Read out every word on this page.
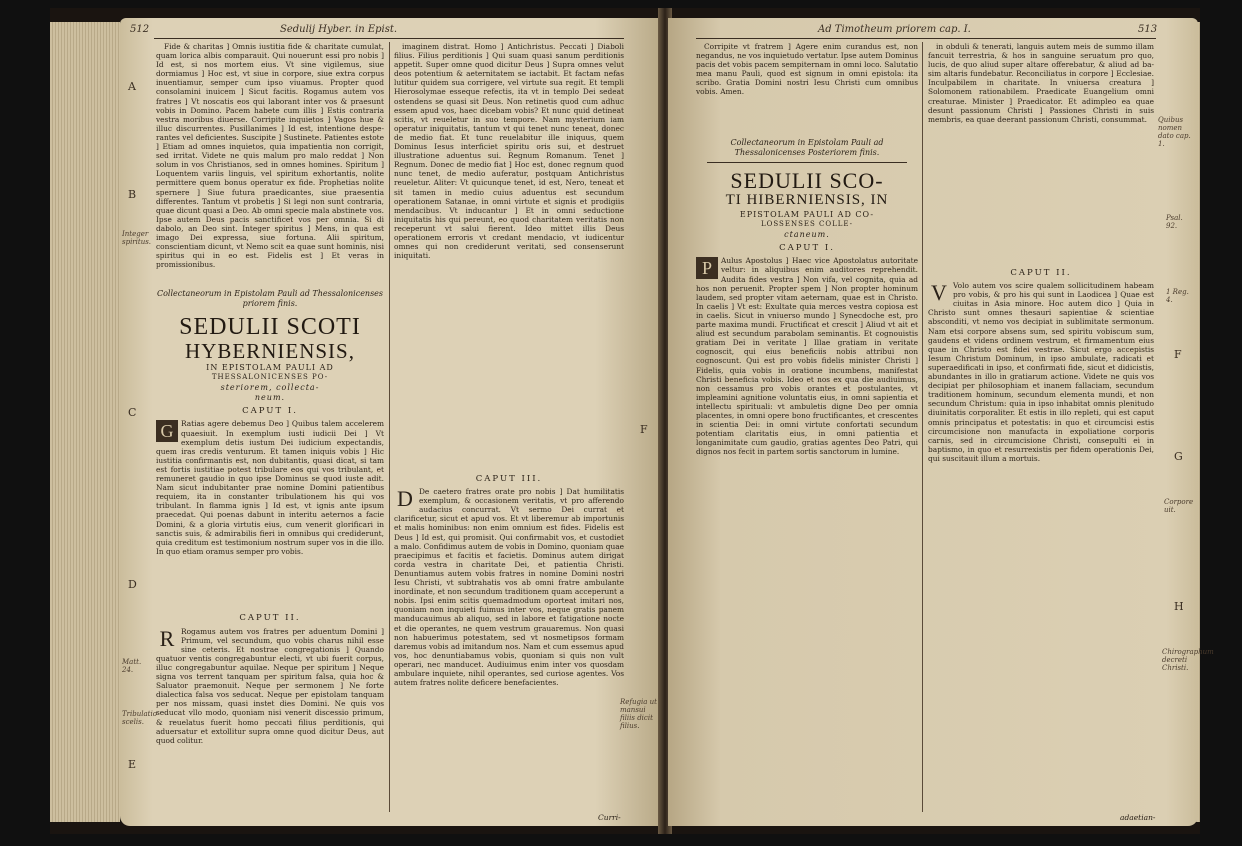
512	Sedulij Hyber. in Epist.
A
B
C
D
E
F
Integer spiritus.
Matt. 24.
Tribulatio scelis.
Refugia ut mansui filiis dicit filius.

Fide & charitas ] Omnis iustitia fide & charitate cumulat, quam lorica albis comparauit. Qui nouerunt essi pro nobis ] Id est, si nos mortem eius. Vt sine vigilemus, siue dormiamus ] Hoc est, vt siue in corpore, siue extra corpus inuentiamur, semper cum ipso viuamus. Propter quod consolamini inuicem ] Sicut facitis. Rogamus autem vos fratres ] Vt noscatis eos qui laborant inter vos & praesunt vobis in Domino. Pacem habete cum illis ] Estis contraria vestra moribus diuerse. Corripite inquietos ] Vagos hue & illuc discurrentes. Pusillanimes ] Id est, intentione despe-rantes vel deficientes. Suscipite ] Sustinete. Patientes estote ] Etiam ad omnes inquietos, quia impatientia non corrigit, sed irritat. Videte ne quis malum pro malo reddat ] Non solum in vos Christianos, sed in omnes homines. Spiritum ] Loquentem variis linguis, vel spiritum exhortantis, nolite permittere quem bonus operatur ex fide. Prophetias nolite spernere ] Siue futura praedicantes, siue praesentia differentes. Tantum vt probetis ] Si legi non sunt contraria, quae dicunt quasi a Deo. Ab omni specie mala abstinete vos. Ipse autem Deus pacis sanctificet vos per omnia. Si di dabolo, an Deo sint. Integer spiritus ] Mens, in qua est imago Dei expressa, siue fortuna. Alii spiritum, conscientiam dicunt, vt Nemo scit ea quae sunt hominis, nisi spiritus qui in eo est. Fidelis est ] Et veras in promissionibus.

Collectaneorum in Epistolam Pauli ad Thessalonicenses priorem finis.
SEDULII SCOTI
HYBERNIENSIS,
IN EPISTOLAM PAULI AD
THESSALONICENSES PO-
steriorem, collecta-
neum.
CAPUT I.
G	Ratias agere debemus Deo ] Quibus talem accelerem quaesiuit. In exemplum iusti iudicii Dei ] Vt exemplum detis iustum Dei iudicium expectandis, quem iras credis venturum. Et tamen iniquis vobis ] Hic iustitia confirmantis est, non dubitantis, quasi dicat, si tam est fortis iustitiae potest tribulare eos qui vos tribulant, et remuneret gaudio in quo ipse Dominus se quod iuste adit. Nam sicut indubitanter prae nomine Domini patientibus requiem, ita in constanter tribulationem his qui vos tribulant. In flamma ignis ] Id est, vt ignis ante ipsum praecedat. Qui poenas dabunt in interitu aeternos a facie Domini, & a gloria virtutis eius, cum venerit glorificari in sanctis suis, & admirabilis fieri in omnibus qui crediderunt, quia creditum est testimonium nostrum super vos in die illo. In quo etiam oramus semper pro vobis.
CAPUT II.
R Rogamus autem vos fratres per aduentum Domini ] Primum, vel secundum, quo vobis charus nihil esse sine ceteris. Et nostrae congregationis ] Quando quatuor ventis congregabuntur electi, vt ubi fuerit corpus, illuc congregabuntur aquilae. Neque per spiritum ] Neque signa vos terrent tanquam per spiritum falsa, quia hoc & Saluator praemonuit. Neque per sermonem ] Ne forte dialectica falsa vos seducat. Neque per epistolam tanquam per nos missam, quasi instet dies Domini. Ne quis vos seducat vllo modo, quoniam nisi venerit discessio primum, & reuelatus fuerit homo peccati filius perditionis, qui aduersatur et extollitur supra omne quod dicitur Deus, aut quod colitur.

imaginem distrat. Homo ] Antichristus. Peccati ] Diaboli filius. Filius perditionis ] Qui suam quasi sanum perditionis appetit. Super omne quod dicitur Deus ] Supra omnes velut deos potentium & aeternitatem se iactabit. Et factam nefas lutitur quidem sua corrigere, vel virtute sua regit. Et templi Hierosolymae esseque refectis, ita vt in templo Dei sedeat ostendens se quasi sit Deus. Non retinetis quod cum adhuc essem apud vos, haec dicebam vobis? Et nunc quid detineat scitis, vt reueletur in suo tempore. Nam mysterium iam operatur iniquitatis, tantum vt qui tenet nunc teneat, donec de medio fiat. Et tunc reuelabitur ille iniquus, quem Dominus Iesus interficiet spiritu oris sui, et destruet illustratione aduentus sui. Regnum Romanum. Tenet ] Regnum. Donec de medio fiat ] Hoc est, donec regnum quod nunc tenet, de medio auferatur, postquam Antichristus reueletur. Aliter: Vt quicunque tenet, id est, Nero, teneat et sit tamen in medio cuius aduentus est secundum operationem Satanae, in omni virtute et signis et prodigiis mendacibus. Vt inducantur ] Et in omni seductione iniquitatis his qui pereunt, eo quod charitatem veritatis non receperunt vt salui fierent. Ideo mittet illis Deus operationem erroris vt credant mendacio, vt iudicentur omnes qui non crediderunt veritati, sed consenserunt iniquitati.

CAPUT III.
D De caetero fratres orate pro nobis ] Dat humilitatis exemplum, & occasionem veritatis, vt pro afferendo audacius concurrat. Vt sermo Dei currat et clarificetur, sicut et apud vos. Et vt liberemur ab importunis et malis hominibus: non enim omnium est fides. Fidelis est Deus ] Id est, qui promisit. Qui confirmabit vos, et custodiet a malo. Confidimus autem de vobis in Domino, quoniam quae praecipimus et facitis et facietis. Dominus autem dirigat corda vestra in charitate Dei, et patientia Christi. Denuntiamus autem vobis fratres in nomine Domini nostri Iesu Christi, vt subtrahatis vos ab omni fratre ambulante inordinate, et non secundum traditionem quam acceperunt a nobis. Ipsi enim scitis quemadmodum oporteat imitari nos, quoniam non inquieti fuimus inter vos, neque gratis panem manducauimus ab aliquo, sed in labore et fatigatione nocte et die operantes, ne quem vestrum grauaremus. Non quasi non habuerimus potestatem, sed vt nosmetipsos formam daremus vobis ad imitandum nos. Nam et cum essemus apud vos, hoc denuntiabamus vobis, quoniam si quis non vult operari, nec manducet. Audiuimus enim inter vos quosdam ambulare inquiete, nihil operantes, sed curiose agentes. Vos autem fratres nolite deficere benefacientes.
Curri-
Ad Timotheum priorem cap. I.	513
F
G
H
Quibus nomen dato cap. 1.
Psal. 92.
1 Reg. 4.
Corpore uit.
Chirographum decreti Christi.

Corripite vt fratrem ] Agere enim curandus est, non negandus, ne vos inquietudo vertatur. Ipse autem Dominus pacis det vobis pacem sempiternam in omni loco. Salutatio mea manu Pauli, quod est signum in omni epistola: ita scribo. Gratia Domini nostri Iesu Christi cum omnibus vobis. Amen.

Collectaneorum in Epistolam Pauli ad Thessalonicenses Posteriorem finis.
SEDULII SCO-
TI HIBERNIENSIS, IN
EPISTOLAM PAULI AD CO-
LOSSENSES COLLE-
ctaneum.
CAPUT I.
P	Aulus Apostolus ] Haec vice Apostolatus autoritate veltur: in aliquibus enim auditores reprehendit. Audita fides vestra ] Non vifa, vel cognita, quia ad hos non peruenit. Propter spem ] Non propter hominum laudem, sed propter vitam aeternam, quae est in Christo. In caelis ] Vt est: Exultate quia merces vestra copiosa est in caelis. Sicut in vniuerso mundo ] Synecdoche est, pro parte maxima mundi. Fructificat et crescit ] Aliud vt ait et aliud est secundum parabolam seminantis. Et cognouistis gratiam Dei in veritate ] Illae gratiam in veritate cognoscit, qui eius beneficiis nobis attribui non cognoscunt. Qui est pro vobis fidelis minister Christi ] Fidelis, quia vobis in oratione incumbens, manifestat Christi beneficia vobis. Ideo et nos ex qua die audiuimus, non cessamus pro vobis orantes et postulantes, vt impleamini agnitione voluntatis eius, in omni sapientia et intellectu spirituali: vt ambuletis digne Deo per omnia placentes, in omni opere bono fructificantes, et crescentes in scientia Dei: in omni virtute confortati secundum potentiam claritatis eius, in omni patientia et longanimitate cum gaudio, gratias agentes Deo Patri, qui dignos nos fecit in partem sortis sanctorum in lumine.

in obduli & tenerati, languis autem meis de summo illam fancuit terrestria, & hos in sanguine seruatum pro quo, lucis, de quo aliud super altare offerebatur, & aliud ad ba-sim altaris fundebatur. Reconciliatus in corpore ] Ecclesiae. Inculpabilem in charitate. In vniuersa creatura ] Solomonem rationabilem. Praedicate Euangelium omni creaturae. Minister ] Praedicator. Et adimpleo ea quae desunt passionum Christi ] Passiones Christi in suis membris, ea quae deerant passionum Christi, consummat.

CAPUT II.
V Volo autem vos scire qualem sollicitudinem habeam pro vobis, & pro his qui sunt in Laodicea ] Quae est ciuitas in Asia minore. Hoc autem dico ] Quia in Christo sunt omnes thesauri sapientiae & scientiae absconditi, vt nemo vos decipiat in sublimitate sermonum. Nam etsi corpore absens sum, sed spiritu vobiscum sum, gaudens et videns ordinem vestrum, et firmamentum eius quae in Christo est fidei vestrae. Sicut ergo accepistis Iesum Christum Dominum, in ipso ambulate, radicati et superaedificati in ipso, et confirmati fide, sicut et didicistis, abundantes in illo in gratiarum actione. Videte ne quis vos decipiat per philosophiam et inanem fallaciam, secundum traditionem hominum, secundum elementa mundi, et non secundum Christum: quia in ipso inhabitat omnis plenitudo diuinitatis corporaliter. Et estis in illo repleti, qui est caput omnis principatus et potestatis: in quo et circumcisi estis circumcisione non manufacta in expoliatione corporis carnis, sed in circumcisione Christi, consepulti ei in baptismo, in quo et resurrexistis per fidem operationis Dei, qui suscitauit illum a mortuis.
adaetian-
